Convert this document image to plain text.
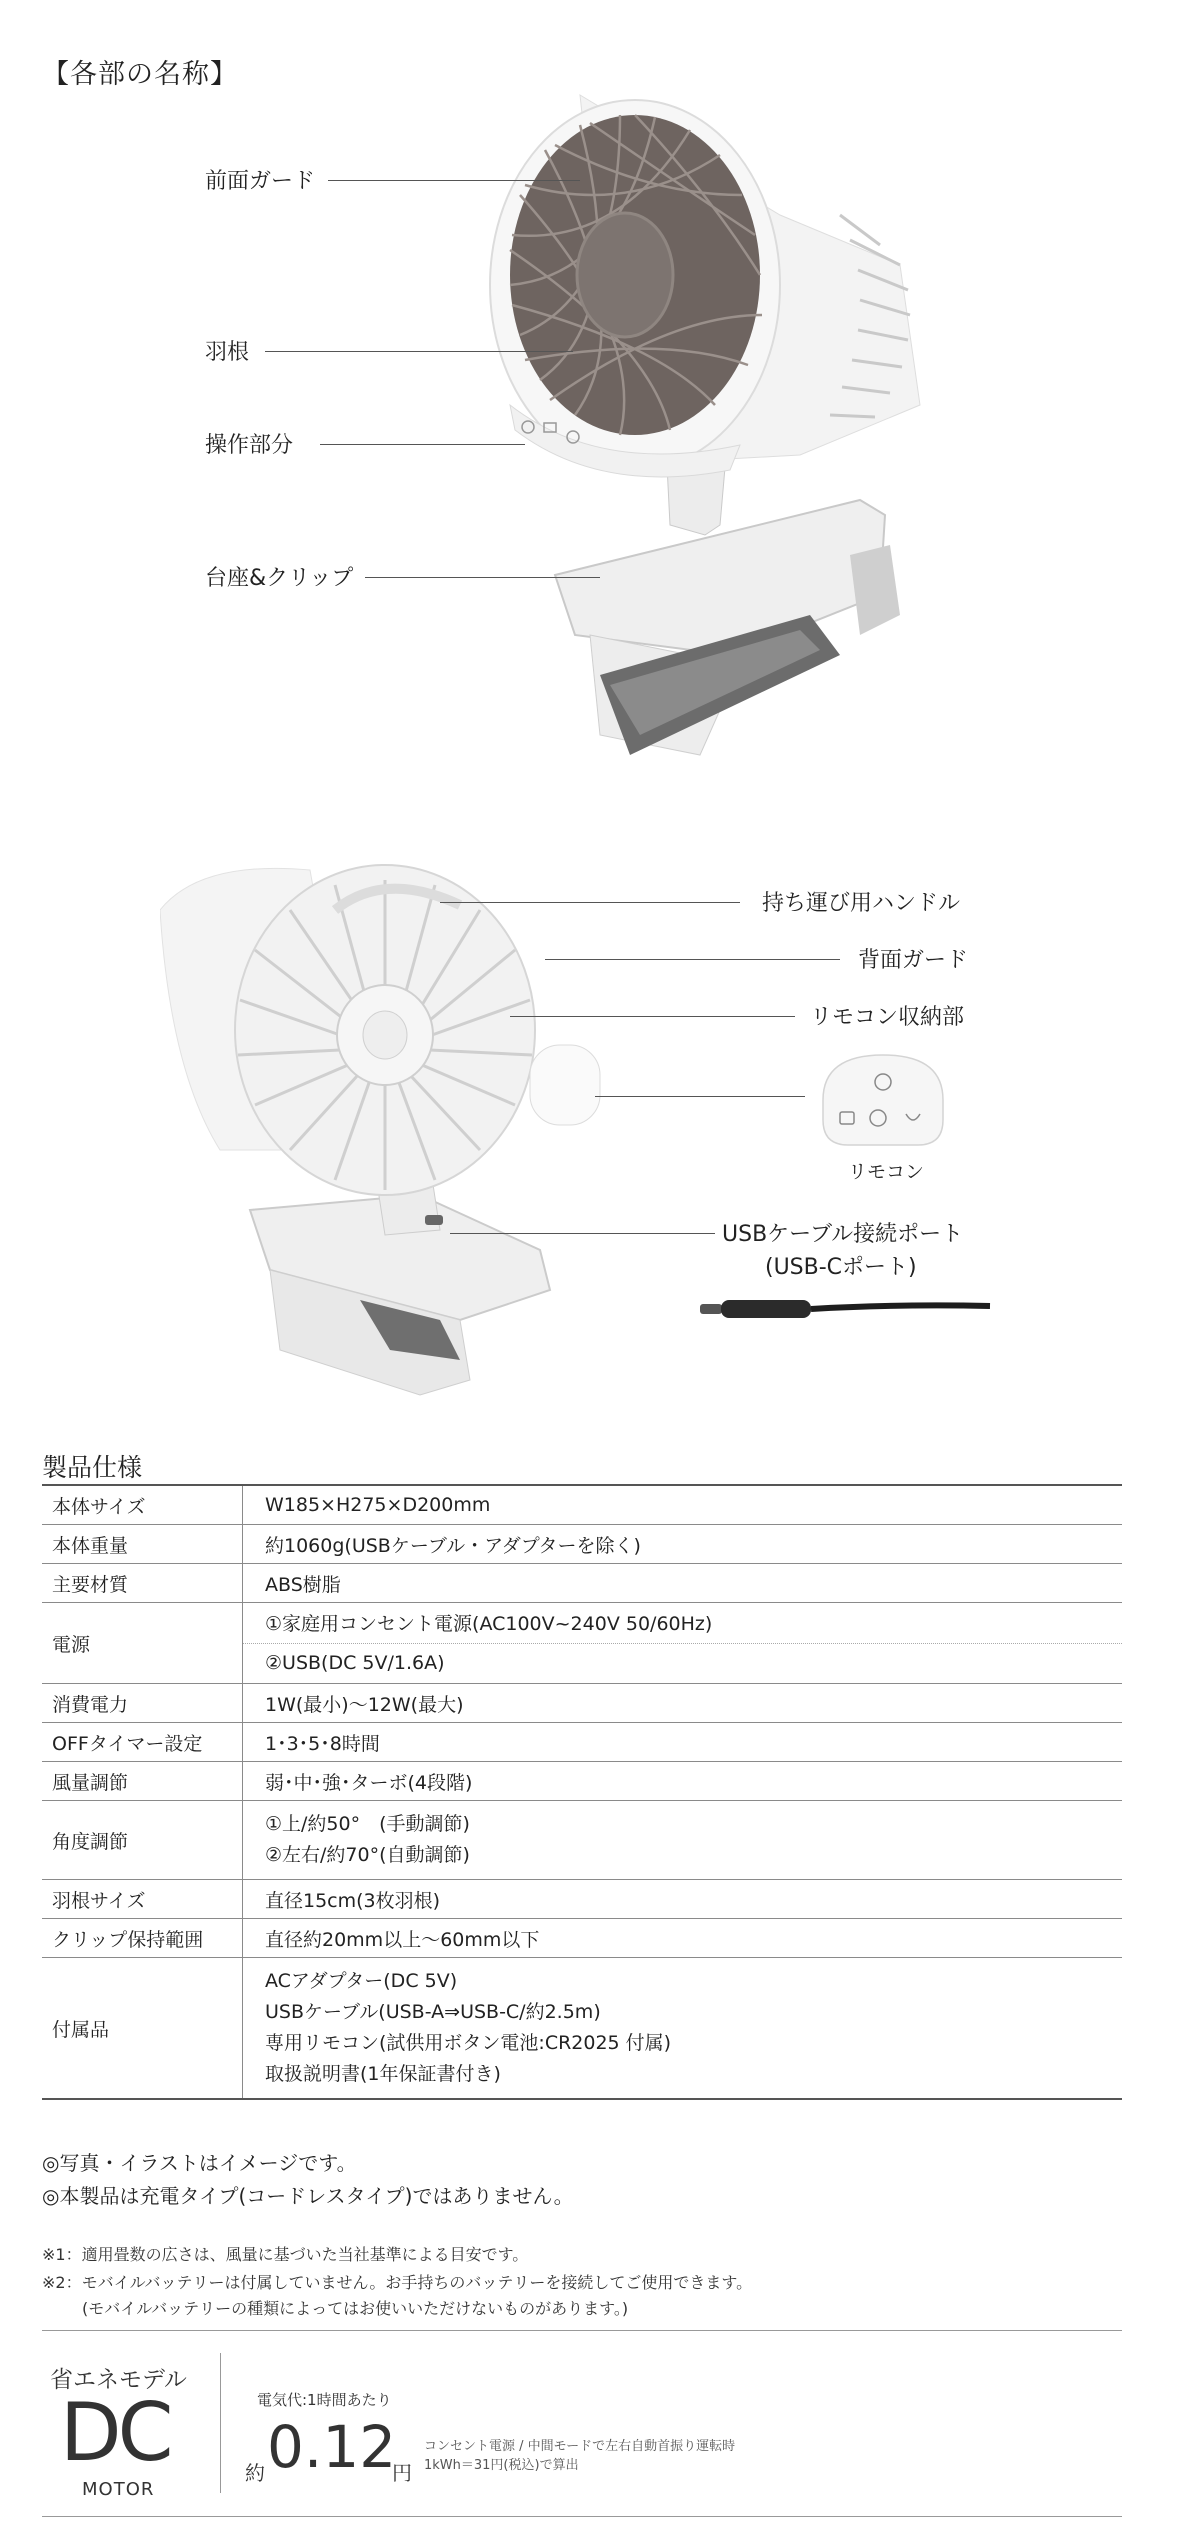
【各部の名称】
前面ガード
羽根
操作部分
台座&クリップ
持ち運び用ハンドル
背面ガード
リモコン収納部
リモコン
USBケーブル接続ポート
(USB-Cポート)
製品仕様
本体サイズ	W185×H275×D200mm
本体重量	約1060g(USBケーブル・アダプターを除く)
主要材質	ABS樹脂
電源	①家庭用コンセント電源(AC100V~240V 50/60Hz)
	②USB(DC 5V/1.6A)
消費電力	1W(最小)～12W(最大)
OFFタイマー設定	1･3･5･8時間
風量調節	弱･中･強･ターボ(4段階)
角度調節	①上/約50°　(手動調節)
②左右/約70°(自動調節)

羽根サイズ	直径15cm(3枚羽根)
クリップ保持範囲	直径約20mm以上～60mm以下
付属品	ACアダプター(DC 5V)
USBケーブル(USB-A⇒USB-C/約2.5m)
専用リモコン(試供用ボタン電池:CR2025 付属)
取扱説明書(1年保証書付き)
◎写真・イラストはイメージです。
◎本製品は充電タイプ(コードレスタイプ)ではありません。
※1：適用畳数の広さは、風量に基づいた当社基準による目安です。
※2：モバイルバッテリーは付属していません。お手持ちのバッテリーを接続してご使用できます。
(モバイルバッテリーの種類によってはお使いいただけないものがあります。)
省エネモデル
DC
MOTOR
電気代:1時間あたり
約 0.12
円
コンセント電源 / 中間モードで左右自動首振り運転時
1kWh＝31円(税込)で算出
